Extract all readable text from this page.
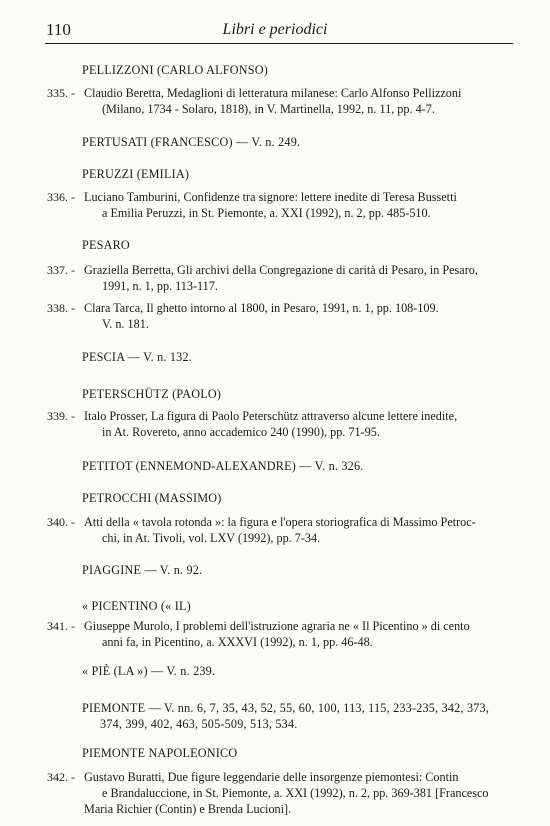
110	Libri e periodici
PELLIZZONI (CARLO ALFONSO)
335. - Claudio Beretta, Medaglioni di letteratura milanese: Carlo Alfonso Pellizzoni
(Milano, 1734 - Solaro, 1818), in V. Martinella, 1992, n. 11, pp. 4-7.
PERTUSATI (FRANCESCO) — V. n. 249.
PERUZZI (EMILIA)
336. - Luciano Tamburini, Confidenze tra signore: lettere inedite di Teresa Bussetti
a Emilia Peruzzi, in St. Piemonte, a. XXI (1992), n. 2, pp. 485-510.
PESARO
337. - Graziella Berretta, Gli archivi della Congregazione di carità di Pesaro, in Pesaro,
1991, n. 1, pp. 113-117.
338. - Clara Tarca, Il ghetto intorno al 1800, in Pesaro, 1991, n. 1, pp. 108-109.
V. n. 181.
PESCIA — V. n. 132.
PETERSCHÜTZ (PAOLO)
339. - Italo Prosser, La figura di Paolo Peterschütz attraverso alcune lettere inedite,
in At. Rovereto, anno accademico 240 (1990), pp. 71-95.
PETITOT (ENNEMOND-ALEXANDRE) — V. n. 326.
PETROCCHI (MASSIMO)
340. - Atti della « tavola rotonda »: la figura e l'opera storiografica di Massimo Petroc-
chi, in At. Tivoli, vol. LXV (1992), pp. 7-34.
PIAGGINE — V. n. 92.
« PICENTINO (« IL)
341. - Giuseppe Murolo, I problemi dell'istruzione agraria ne « Il Picentino » di cento
anni fa, in Picentino, a. XXXVI (1992), n. 1, pp. 46-48.
« PIÈ (LA ») — V. n. 239.
PIEMONTE — V. nn. 6, 7, 35, 43, 52, 55, 60, 100, 113, 115, 233-235, 342, 373,
374, 399, 402, 463, 505-509, 513, 534.
PIEMONTE NAPOLEONICO
342. - Gustavo Buratti, Due figure leggendarie delle insorgenze piemontesi: Contin
e Brandaluccione, in St. Piemonte, a. XXI (1992), n. 2, pp. 369-381 [Francesco
Maria Richier (Contin) e Brenda Lucioni].
